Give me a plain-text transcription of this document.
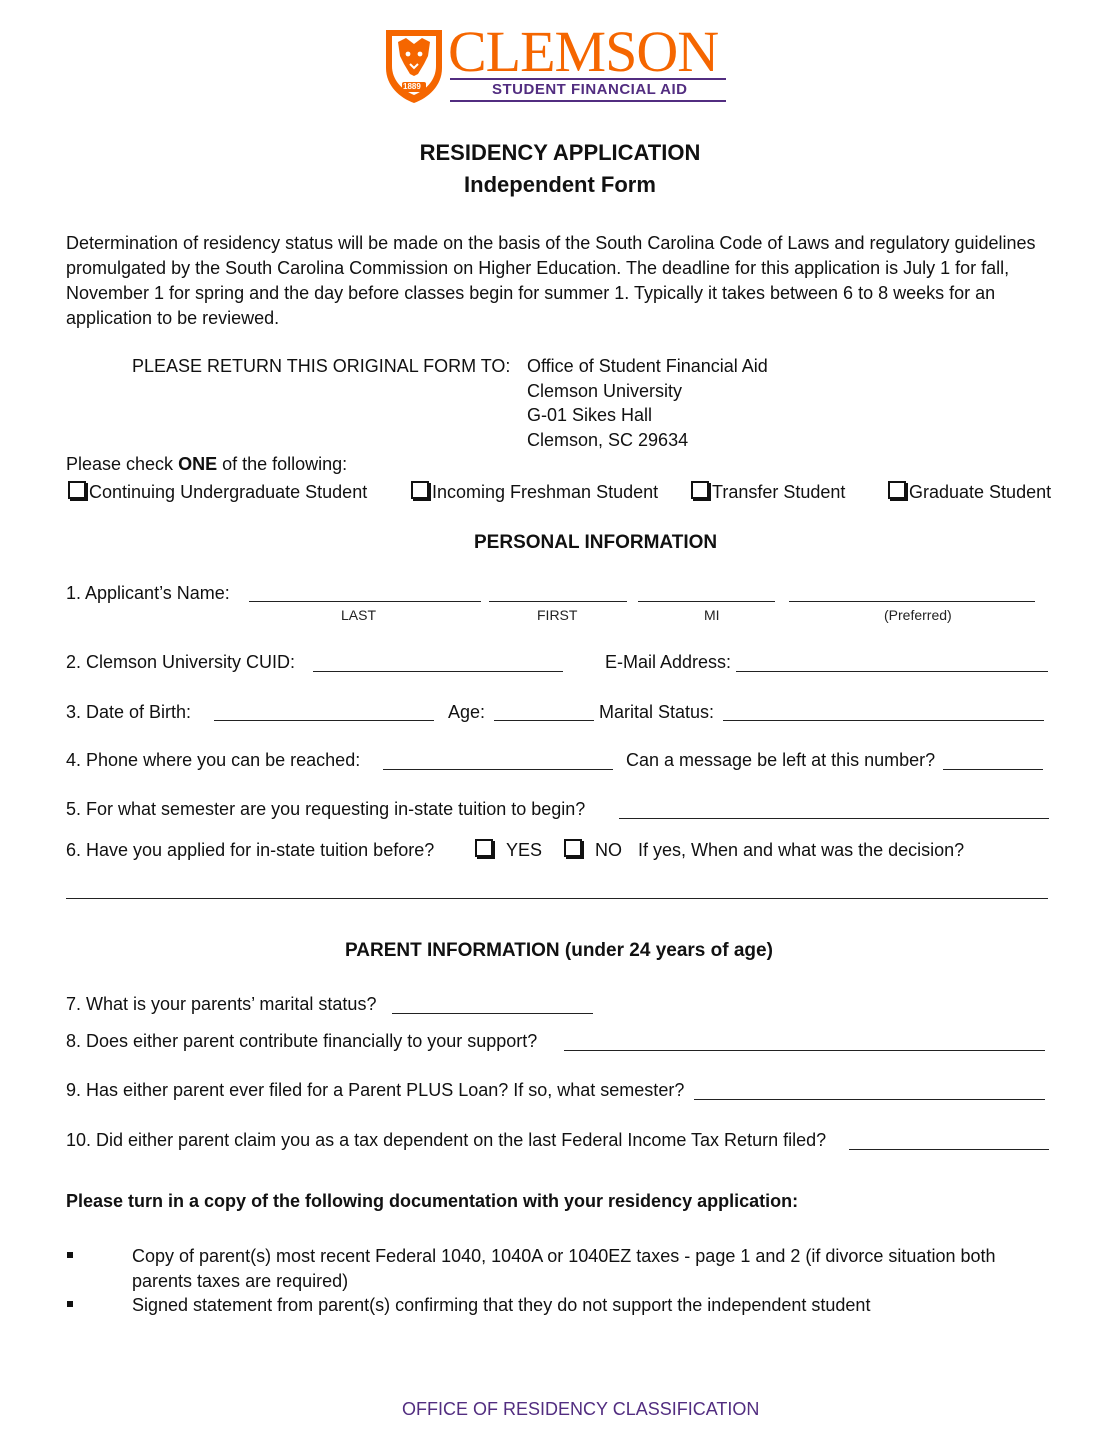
1889
CLEMSON
STUDENT FINANCIAL AID
RESIDENCY APPLICATION
Independent Form
Determination of residency status will be made on the basis of the South Carolina Code of Laws and regulatory guidelines promulgated by the South Carolina Commission on Higher Education. The deadline for this application is July 1 for fall, November 1 for spring and the day before classes begin for summer 1. Typically it takes between 6 to 8 weeks for an application to be reviewed.
PLEASE RETURN THIS ORIGINAL FORM TO: Office of Student Financial Aid
Clemson University
G-01 Sikes Hall
Clemson, SC 29634
Please check ONE of the following:
Continuing Undergraduate Student	Incoming Freshman Student	Transfer Student	Graduate Student
PERSONAL INFORMATION
1. Applicant’s Name:
LAST	FIRST	MI	(Preferred)
2. Clemson University CUID:	E-Mail Address:
3. Date of Birth:	Age:	Marital Status:
4. Phone where you can be reached:	Can a message be left at this number?
5. For what semester are you requesting in-state tuition to begin?
6. Have you applied for in-state tuition before?	YES	NO If yes, When and what was the decision?
PARENT INFORMATION (under 24 years of age)
7. What is your parents’ marital status?
8. Does either parent contribute financially to your support?
9. Has either parent ever filed for a Parent PLUS Loan? If so, what semester?
10. Did either parent claim you as a tax dependent on the last Federal Income Tax Return filed?
Please turn in a copy of the following documentation with your residency application:
Copy of parent(s) most recent Federal 1040, 1040A or 1040EZ taxes - page 1 and 2 (if divorce situation both parents taxes are required)
Signed statement from parent(s) confirming that they do not support the independent student
OFFICE OF RESIDENCY CLASSIFICATION
